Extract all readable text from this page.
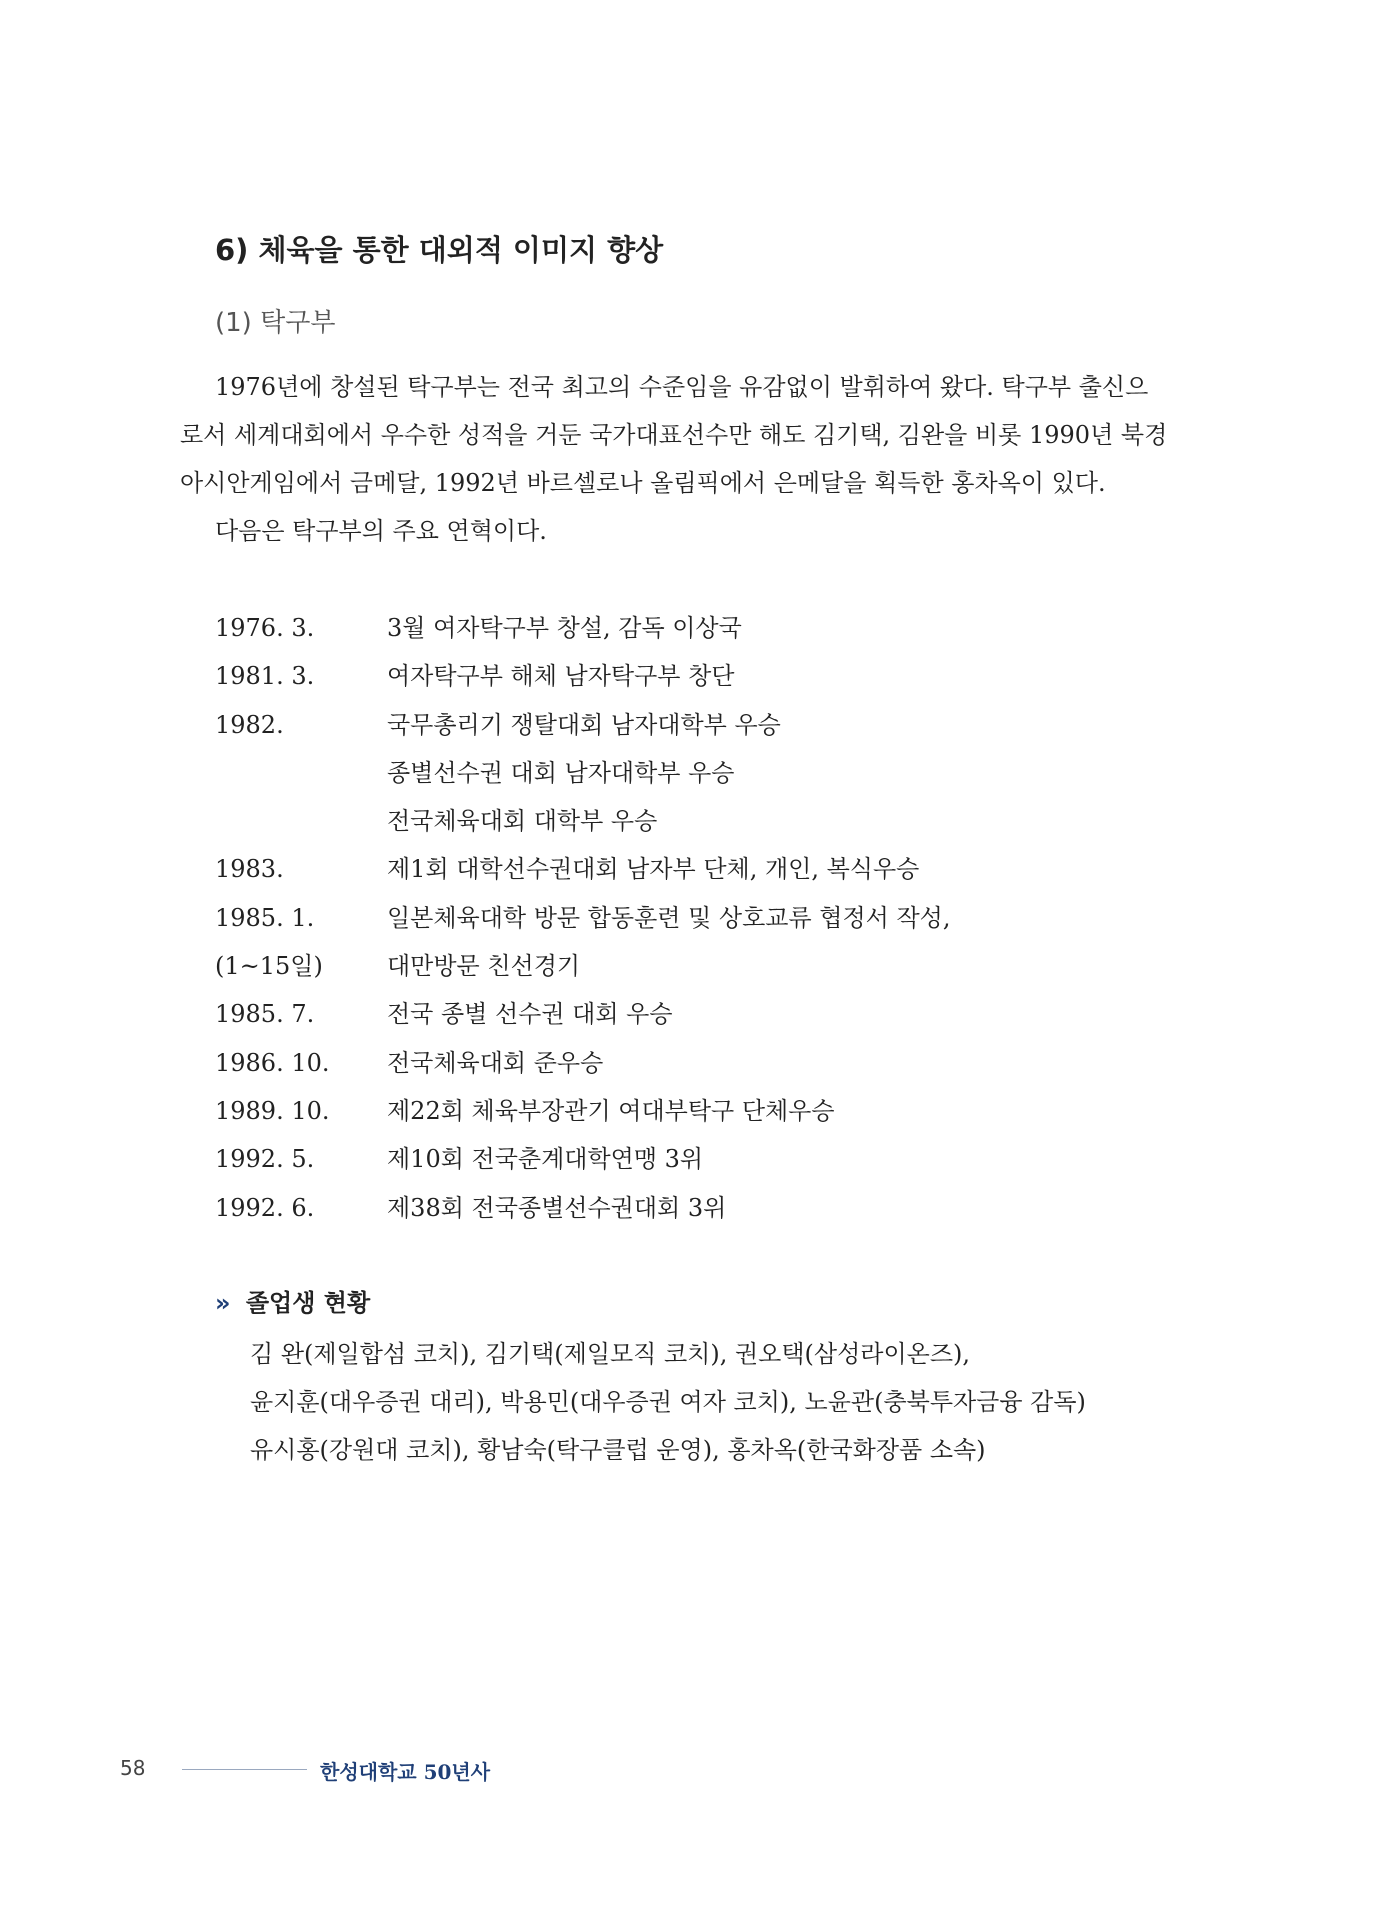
6) 체육을 통한 대외적 이미지 향상
(1) 탁구부
1976년에 창설된 탁구부는 전국 최고의 수준임을 유감없이 발휘하여 왔다. 탁구부 출신으
로서 세계대회에서 우수한 성적을 거둔 국가대표선수만 해도 김기택, 김완을 비롯 1990년 북경
아시안게임에서 금메달, 1992년 바르셀로나 올림픽에서 은메달을 획득한 홍차옥이 있다.
다음은 탁구부의 주요 연혁이다.
1976. 3.	3월 여자탁구부 창설, 감독 이상국
1981. 3.	여자탁구부 해체 남자탁구부 창단
1982.	국무총리기 쟁탈대회 남자대학부 우승
종별선수권 대회 남자대학부 우승
전국체육대회 대학부 우승
1983.	제1회 대학선수권대회 남자부 단체, 개인, 복식우승
1985. 1.	일본체육대학 방문 합동훈련 및 상호교류 협정서 작성,
(1~15일)	대만방문 친선경기
1985. 7.	전국 종별 선수권 대회 우승
1986. 10. 전국체육대회 준우승
1989. 10. 제22회 체육부장관기 여대부탁구 단체우승
1992. 5.	제10회 전국춘계대학연맹 3위
1992. 6.	제38회 전국종별선수권대회 3위
» 졸업생 현황
김 완(제일합섬 코치), 김기택(제일모직 코치), 권오택(삼성라이온즈),
윤지훈(대우증권 대리), 박용민(대우증권 여자 코치), 노윤관(충북투자금융 감독)
유시홍(강원대 코치), 황남숙(탁구클럽 운영), 홍차옥(한국화장품 소속)
58	한성대학교 50년사
